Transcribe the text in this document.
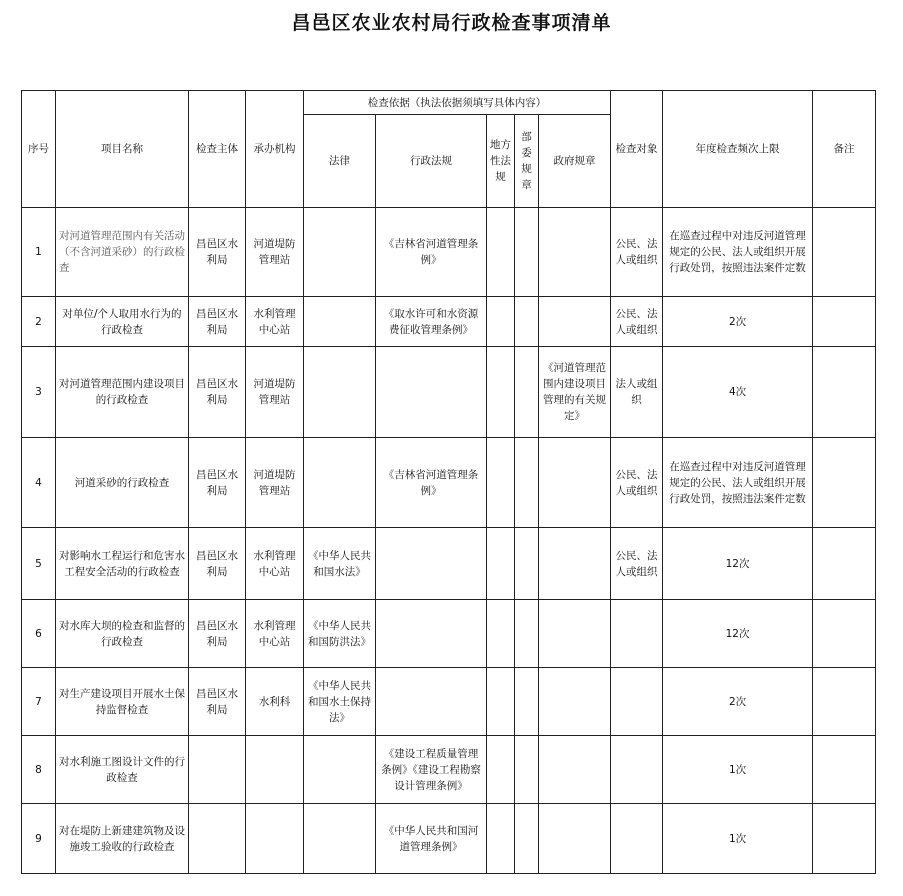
昌邑区农业农村局行政检查事项清单
序号	项目名称	检查主体	承办机构	检查依据（执法依据须填写具体内容）					检查对象	年度检查频次上限	备注
				法律	行政法规	地方性法规	部委规章	政府规章			
1	对河道管理范围内有关活动（不含河道采砂）的行政检查	昌邑区水利局	河道堤防管理站		《吉林省河道管理条例》				公民、法人或组织	在巡查过程中对违反河道管理规定的公民、法人或组织开展行政处罚，按照违法案件定数	
2	对单位/个人取用水行为的行政检查	昌邑区水利局	水利管理中心站		《取水许可和水资源费征收管理条例》				公民、法人或组织	2次	
3	对河道管理范围内建设项目的行政检查	昌邑区水利局	河道堤防管理站					《河道管理范围内建设项目管理的有关规定》	法人或组织	4次	
4	河道采砂的行政检查	昌邑区水利局	河道堤防管理站		《吉林省河道管理条例》				公民、法人或组织	在巡查过程中对违反河道管理规定的公民、法人或组织开展行政处罚，按照违法案件定数	
5	对影响水工程运行和危害水工程安全活动的行政检查	昌邑区水利局	水利管理中心站	《中华人民共和国水法》					公民、法人或组织	12次	
6	对水库大坝的检查和监督的行政检查	昌邑区水利局	水利管理中心站	《中华人民共和国防洪法》						12次	
7	对生产建设项目开展水土保持监督检查	昌邑区水利局	水利科	《中华人民共和国水土保持法》						2次	
8	对水利施工图设计文件的行政检查				《建设工程质量管理条例》《建设工程勘察设计管理条例》					1次	
9	对在堤防上新建建筑物及设施竣工验收的行政检查				《中华人民共和国河道管理条例》					1次	
